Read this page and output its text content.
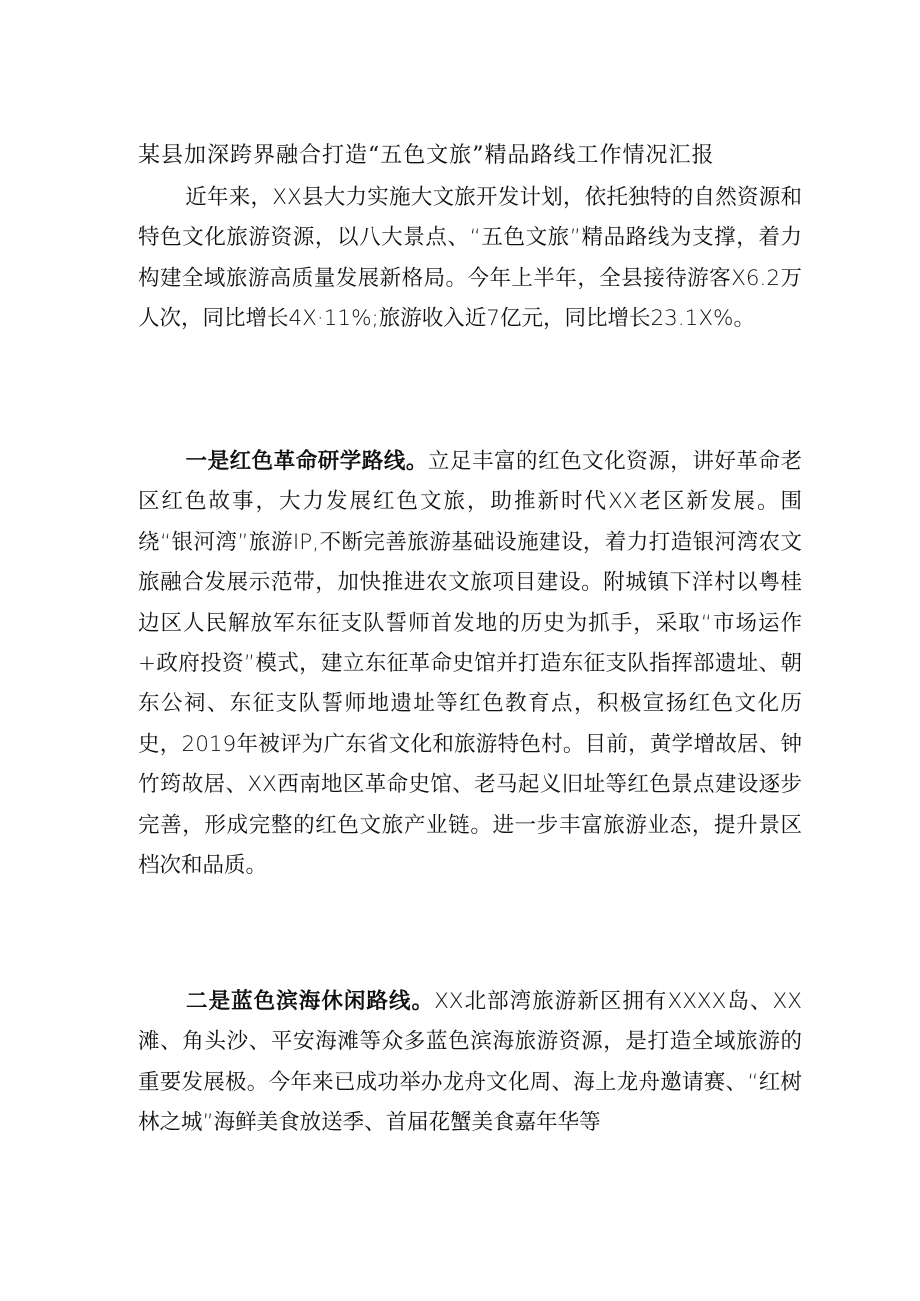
某县加深跨界融合打造“五色文旅”精品路线工作情况汇报

近年来，XX县大力实施大文旅开发计划，依托独特的自然资源和特色文化旅游资源，以八大景点、“五色文旅”精品路线为支撑，着力构建全域旅游高质量发展新格局。今年上半年，全县接待游客X6.2万人次，同比增长4X·11%;旅游收入近7亿元，同比增长23.1X%。

一是红色革命研学路线。立足丰富的红色文化资源，讲好革命老区红色故事，大力发展红色文旅，助推新时代XX老区新发展。围绕“银河湾”旅游IP,不断完善旅游基础设施建设，着力打造银河湾农文旅融合发展示范带，加快推进农文旅项目建设。附城镇下洋村以粤桂边区人民解放军东征支队誓师首发地的历史为抓手，采取“市场运作+政府投资”模式，建立东征革命史馆并打造东征支队指挥部遗址、朝东公祠、东征支队誓师地遗址等红色教育点，积极宣扬红色文化历史，2019年被评为广东省文化和旅游特色村。目前，黄学增故居、钟竹筠故居、XX西南地区革命史馆、老马起义旧址等红色景点建设逐步完善，形成完整的红色文旅产业链。进一步丰富旅游业态，提升景区档次和品质。

二是蓝色滨海休闲路线。XX北部湾旅游新区拥有XXXX岛、XX滩、角头沙、平安海滩等众多蓝色滨海旅游资源，是打造全域旅游的重要发展极。今年来已成功举办龙舟文化周、海上龙舟邀请赛、“红树林之城”海鲜美食放送季、首届花蟹美食嘉年华等
